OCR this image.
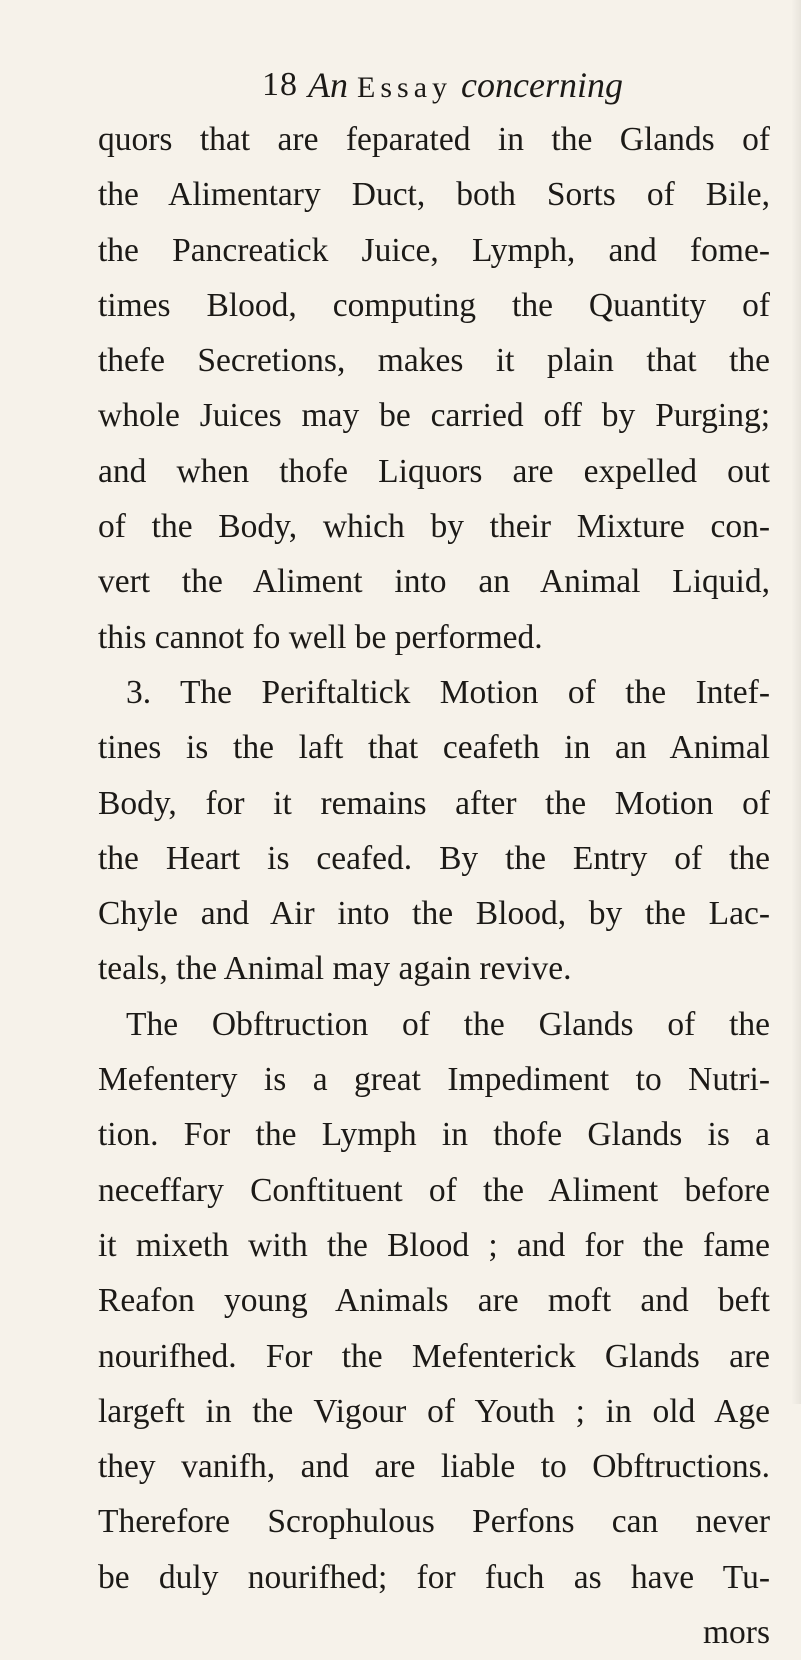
18 An Essay concerning
quors that are feparated in the Glands of
the Alimentary Duct, both Sorts of Bile,
the Pancreatick Juice, Lymph, and fome-
times Blood, computing the Quantity of
thefe Secretions, makes it plain that the
whole Juices may be carried off by Purging;
and when thofe Liquors are expelled out
of the Body, which by their Mixture con-
vert the Aliment into an Animal Liquid,
this cannot fo well be performed.
3. The Periftaltick Motion of the Intef-
tines is the laft that ceafeth in an Animal
Body, for it remains after the Motion of
the Heart is ceafed. By the Entry of the
Chyle and Air into the Blood, by the Lac-
teals, the Animal may again revive.
The Obftruction of the Glands of the
Mefentery is a great Impediment to Nutri-
tion. For the Lymph in thofe Glands is a
neceffary Conftituent of the Aliment before
it mixeth with the Blood ; and for the fame
Reafon young Animals are moft and beft
nourifhed. For the Mefenterick Glands are
largeft in the Vigour of Youth ; in old Age
they vanifh, and are liable to Obftructions.
Therefore Scrophulous Perfons can never
be duly nourifhed; for fuch as have Tu-
mors
